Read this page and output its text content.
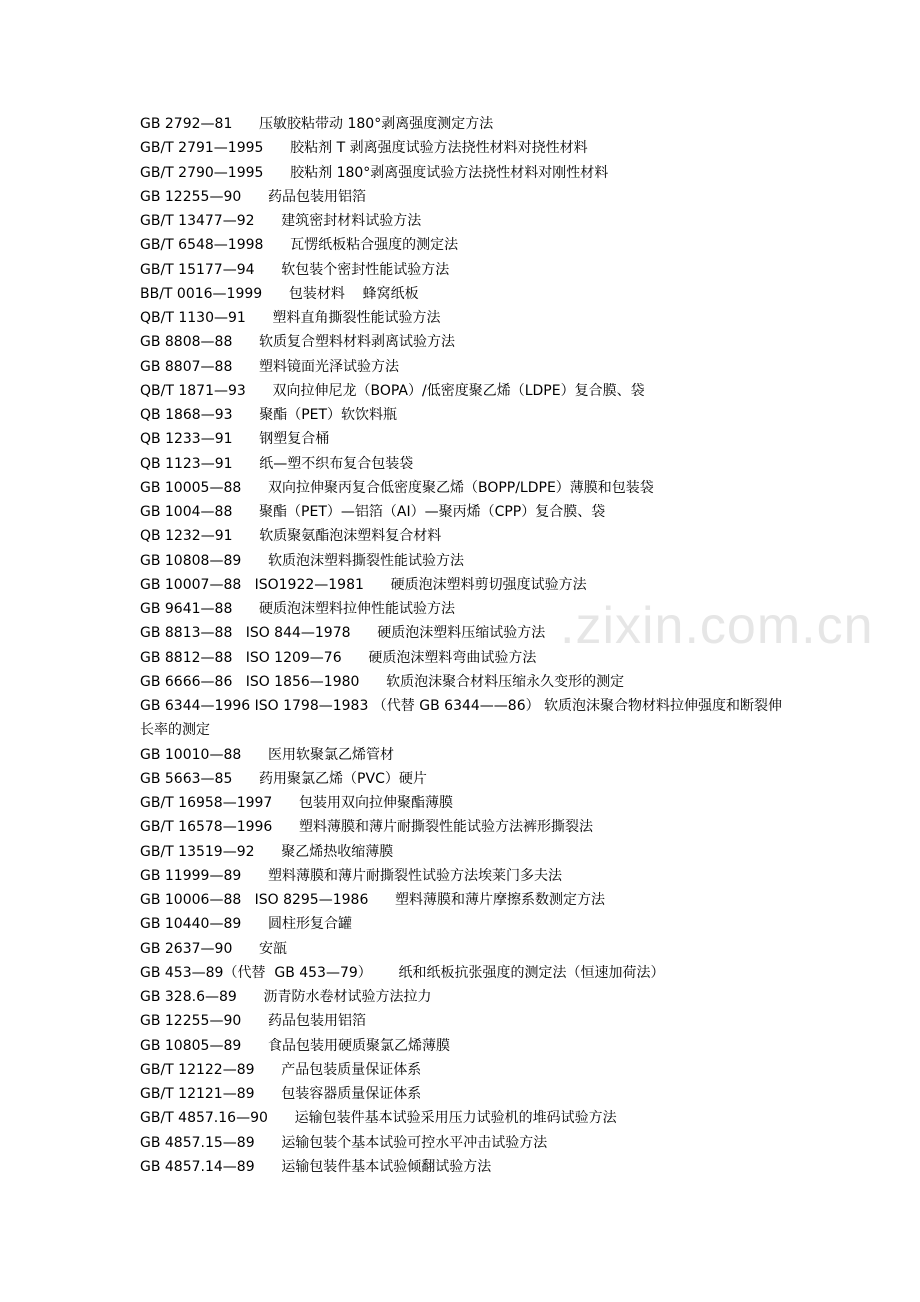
.zixin.com.cn
GB 2792—81      压敏胶粘带动 180°剥离强度测定方法
GB/T 2791—1995      胶粘剂 T 剥离强度试验方法挠性材料对挠性材料
GB/T 2790—1995      胶粘剂 180°剥离强度试验方法挠性材料对刚性材料
GB 12255—90      药品包装用铝箔
GB/T 13477—92      建筑密封材料试验方法
GB/T 6548—1998      瓦愣纸板粘合强度的测定法
GB/T 15177—94      软包装个密封性能试验方法
BB/T 0016—1999      包装材料    蜂窝纸板
QB/T 1130—91      塑料直角撕裂性能试验方法
GB 8808—88      软质复合塑料材料剥离试验方法
GB 8807—88      塑料镜面光泽试验方法
QB/T 1871—93      双向拉伸尼龙（BOPA）/低密度聚乙烯（LDPE）复合膜、袋
QB 1868—93      聚酯（PET）软饮料瓶
QB 1233—91      钢塑复合桶
QB 1123—91      纸—塑不织布复合包装袋
GB 10005—88      双向拉伸聚丙复合低密度聚乙烯（BOPP/LDPE）薄膜和包装袋
GB 1004—88      聚酯（PET）—铝箔（AI）—聚丙烯（CPP）复合膜、袋
QB 1232—91      软质聚氨酯泡沫塑料复合材料
GB 10808—89      软质泡沫塑料撕裂性能试验方法
GB 10007—88   ISO1922—1981      硬质泡沫塑料剪切强度试验方法
GB 9641—88      硬质泡沫塑料拉伸性能试验方法
GB 8813—88   ISO 844—1978      硬质泡沫塑料压缩试验方法
GB 8812—88   ISO 1209—76      硬质泡沫塑料弯曲试验方法
GB 6666—86   ISO 1856—1980      软质泡沫聚合材料压缩永久变形的测定
GB 6344—1996 ISO 1798—1983 （代替 GB 6344——86） 软质泡沫聚合物材料拉伸强度和断裂伸长率的测定
GB 10010—88      医用软聚氯乙烯管材
GB 5663—85      药用聚氯乙烯（PVC）硬片
GB/T 16958—1997      包装用双向拉伸聚酯薄膜
GB/T 16578—1996      塑料薄膜和薄片耐撕裂性能试验方法裤形撕裂法
GB/T 13519—92      聚乙烯热收缩薄膜
GB 11999—89      塑料薄膜和薄片耐撕裂性试验方法埃莱门多夫法
GB 10006—88   ISO 8295—1986      塑料薄膜和薄片摩擦系数测定方法
GB 10440—89      圆柱形复合罐
GB 2637—90      安瓿
GB 453—89（代替  GB 453—79）      纸和纸板抗张强度的测定法（恒速加荷法）
GB 328.6—89      沥青防水卷材试验方法拉力
GB 12255—90      药品包装用铝箔
GB 10805—89      食品包装用硬质聚氯乙烯薄膜
GB/T 12122—89      产品包装质量保证体系
GB/T 12121—89      包装容器质量保证体系
GB/T 4857.16—90      运输包装件基本试验采用压力试验机的堆码试验方法
GB 4857.15—89      运输包装个基本试验可控水平冲击试验方法
GB 4857.14—89      运输包装件基本试验倾翻试验方法
